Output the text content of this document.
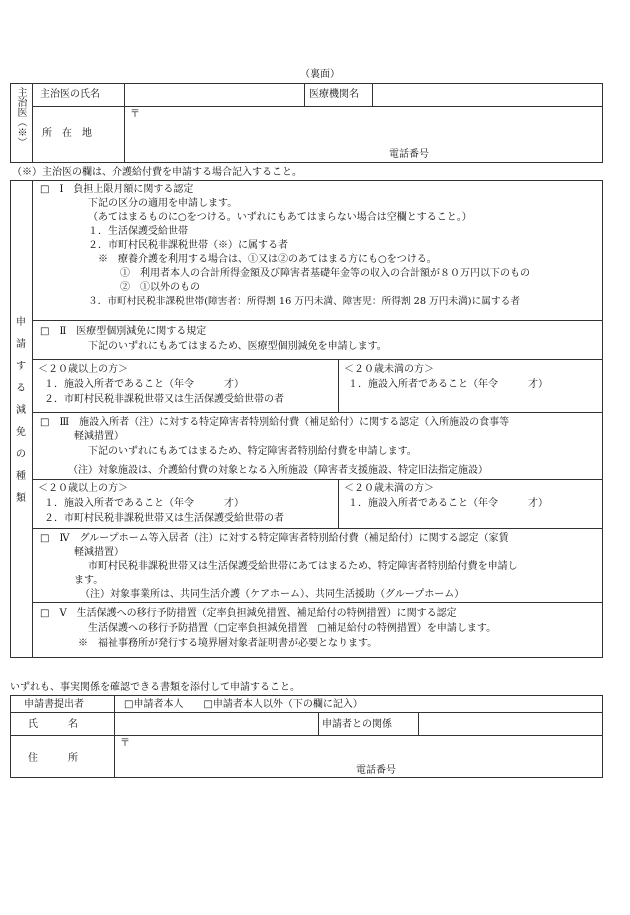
（裏面）
主治医（※） 主治医の氏名	医療機関名
所　在　地
〒
電話番号
（※）主治医の欄は、介護給付費を申請する場合記入すること。
申
請
す
る
減
免
の
種
類
□　Ⅰ　負担上限月額に関する認定
下記の区分の適用を申請します。
（あてはまるものに○をつける。いずれにもあてはまらない場合は空欄とすること。）
１．生活保護受給世帯
２．市町村民税非課税世帯（※）に属する者
※　療養介護を利用する場合は、①又は②のあてはまる方にも○をつける。
①　利用者本人の合計所得金額及び障害者基礎年金等の収入の合計額が８０万円以下のもの
②　①以外のもの
３．市町村民税非課税世帯(障害者：所得割 16 万円未満、障害児：所得割 28 万円未満)に属する者
□　Ⅱ　医療型個別減免に関する規定
下記のいずれにもあてはまるため、医療型個別減免を申請します。
＜２０歳以上の方＞
１．施設入所者であること（年令　　　才）
２．市町村民税非課税世帯又は生活保護受給世帯の者
＜２０歳未満の方＞
１．施設入所者であること（年令　　　才）
□　Ⅲ　施設入所者（注）に対する特定障害者特別給付費（補足給付）に関する認定（入所施設の食事等
軽減措置）
下記のいずれにもあてはまるため、特定障害者特別給付費を申請します。
（注）対象施設は、介護給付費の対象となる入所施設（障害者支援施設、特定旧法指定施設）
＜２０歳以上の方＞
１．施設入所者であること（年令　　　才）
２．市町村民税非課税世帯又は生活保護受給世帯の者
＜２０歳未満の方＞
１．施設入所者であること（年令　　　才）
□　Ⅳ　グループホーム等入居者（注）に対する特定障害者特別給付費（補足給付）に関する認定（家賃
軽減措置）
市町村民税非課税世帯又は生活保護受給世帯にあてはまるため、特定障害者特別給付費を申請し
ます。
（注）対象事業所は、共同生活介護（ケアホーム）、共同生活援助（グループホーム）
□　Ⅴ　生活保護への移行予防措置（定率負担減免措置、補足給付の特例措置）に関する認定
生活保護への移行予防措置（□定率負担減免措置　□補足給付の特例措置）を申請します。
※　福祉事務所が発行する境界層対象者証明書が必要となります。
いずれも、事実関係を確認できる書類を添付して申請すること。
申請書提出者	□申請者本人　　□申請者本人以外（下の欄に記入）
氏　　　名	申請者との関係
住　　　所
〒
電話番号
